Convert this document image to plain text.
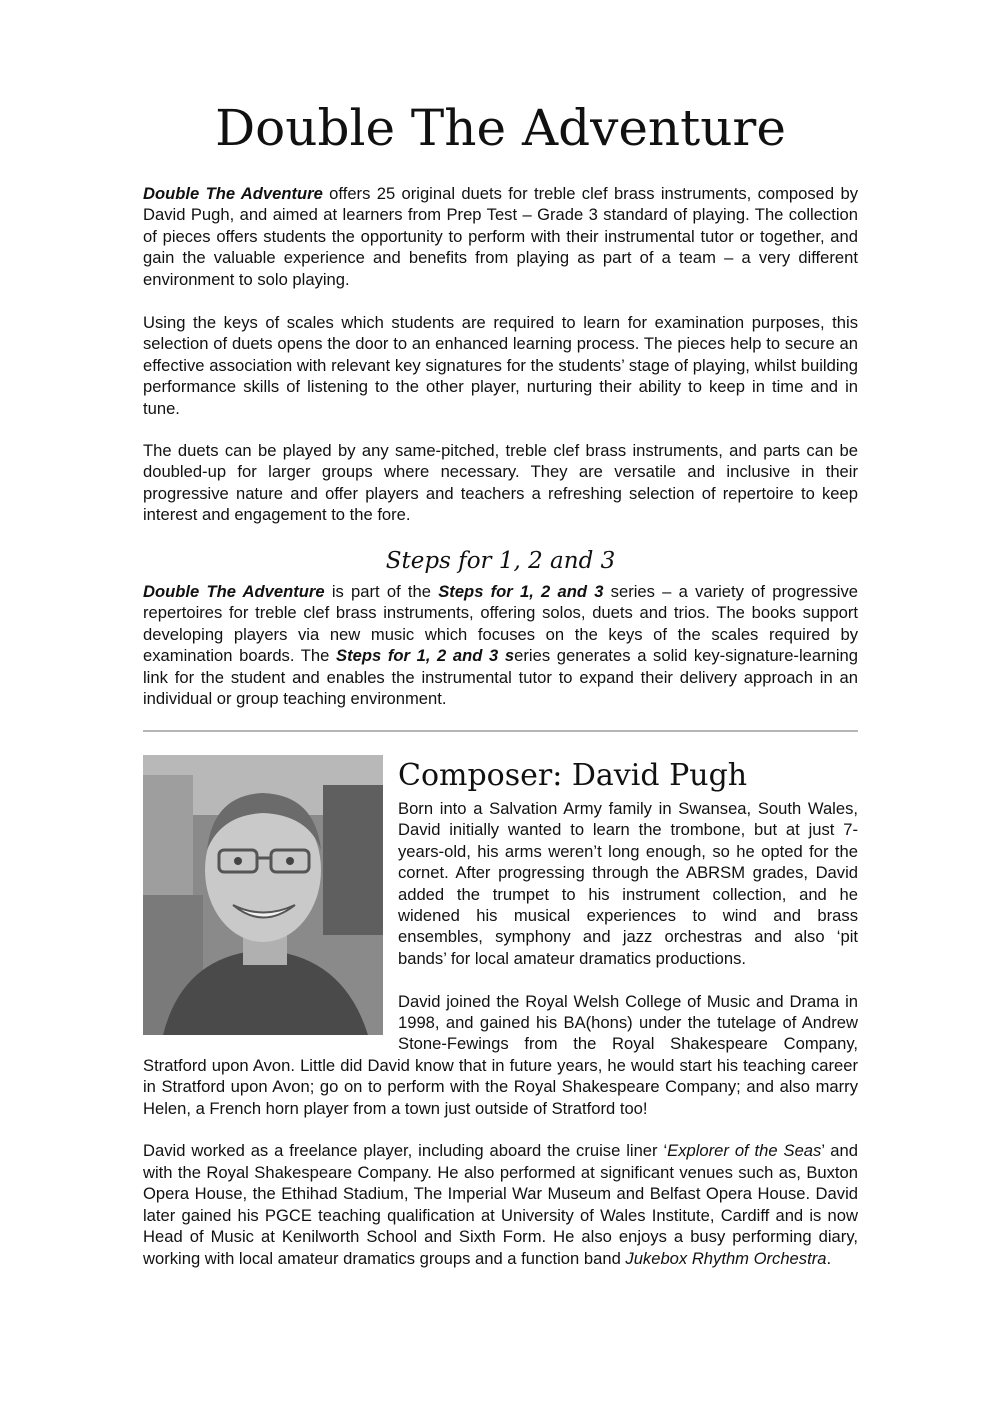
Double The Adventure

Double The Adventure offers 25 original duets for treble clef brass instruments, composed by David Pugh, and aimed at learners from Prep Test – Grade 3 standard of playing. The collection of pieces offers students the opportunity to perform with their instrumental tutor or together, and gain the valuable experience and benefits from playing as part of a team – a very different environment to solo playing.

Using the keys of scales which students are required to learn for examination purposes, this selection of duets opens the door to an enhanced learning process. The pieces help to secure an effective association with relevant key signatures for the students’ stage of playing, whilst building performance skills of listening to the other player, nurturing their ability to keep in time and in tune.

The duets can be played by any same-pitched, treble clef brass instruments, and parts can be doubled-up for larger groups where necessary. They are versatile and inclusive in their progressive nature and offer players and teachers a refreshing selection of repertoire to keep interest and engagement to the fore.

Steps for 1, 2 and 3

Double The Adventure is part of the Steps for 1, 2 and 3 series – a variety of progressive repertoires for treble clef brass instruments, offering solos, duets and trios. The books support developing players via new music which focuses on the keys of the scales required by examination boards. The Steps for 1, 2 and 3 series generates a solid key-signature-learning link for the student and enables the instrumental tutor to expand their delivery approach in an individual or group teaching environment.

Composer: David Pugh

Born into a Salvation Army family in Swansea, South Wales, David initially wanted to learn the trombone, but at just 7-years-old, his arms weren’t long enough, so he opted for the cornet. After progressing through the ABRSM grades, David added the trumpet to his instrument collection, and he widened his musical experiences to wind and brass ensembles, symphony and jazz orchestras and also ‘pit bands’ for local amateur dramatics productions.

David joined the Royal Welsh College of Music and Drama in 1998, and gained his BA(hons) under the tutelage of Andrew Stone-Fewings from the Royal Shakespeare Company, Stratford upon Avon. Little did David know that in future years, he would start his teaching career in Stratford upon Avon; go on to perform with the Royal Shakespeare Company; and also marry Helen, a French horn player from a town just outside of Stratford too!

David worked as a freelance player, including aboard the cruise liner ‘Explorer of the Seas’ and with the Royal Shakespeare Company. He also performed at significant venues such as, Buxton Opera House, the Ethihad Stadium, The Imperial War Museum and Belfast Opera House. David later gained his PGCE teaching qualification at University of Wales Institute, Cardiff and is now Head of Music at Kenilworth School and Sixth Form. He also enjoys a busy performing diary, working with local amateur dramatics groups and a function band Jukebox Rhythm Orchestra.
